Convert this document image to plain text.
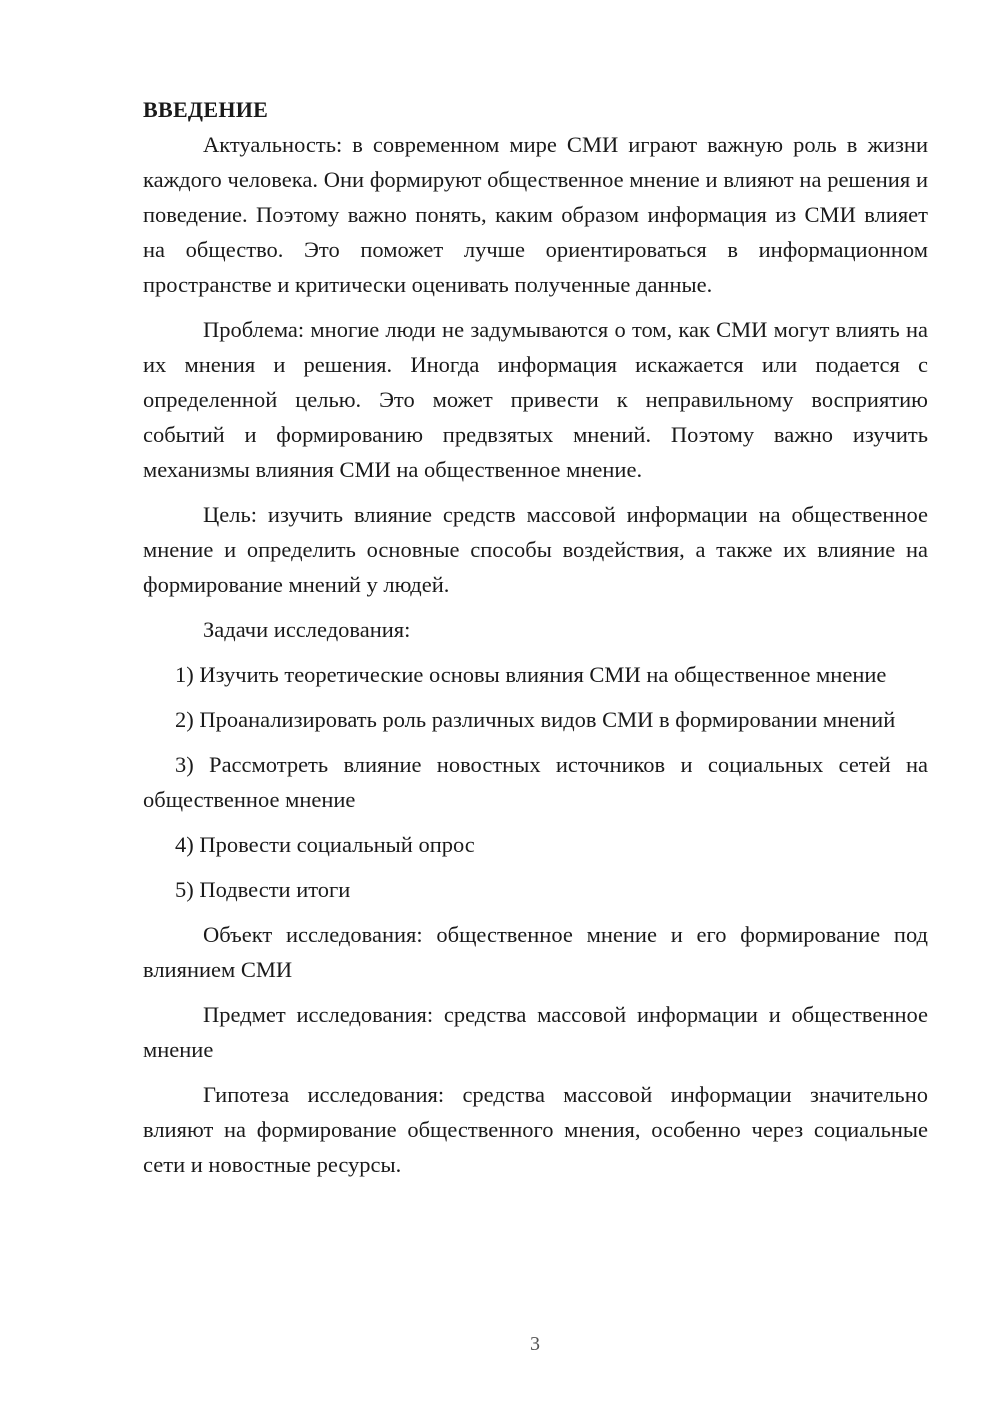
ВВЕДЕНИЕ

Актуальность: в современном мире СМИ играют важную роль в жизни каждого человека. Они формируют общественное мнение и влияют на решения и поведение. Поэтому важно понять, каким образом информация из СМИ влияет на общество. Это поможет лучше ориентироваться в информационном пространстве и критически оценивать полученные данные.

Проблема: многие люди не задумываются о том, как СМИ могут влиять на их мнения и решения. Иногда информация искажается или подается с определенной целью. Это может привести к неправильному восприятию событий и формированию предвзятых мнений. Поэтому важно изучить механизмы влияния СМИ на общественное мнение.

Цель: изучить влияние средств массовой информации на общественное мнение и определить основные способы воздействия, а также их влияние на формирование мнений у людей.

Задачи исследования:

1) Изучить теоретические основы влияния СМИ на общественное мнение

2) Проанализировать роль различных видов СМИ в формировании мнений

3) Рассмотреть влияние новостных источников и социальных сетей на общественное мнение

4) Провести социальный опрос

5) Подвести итоги

Объект исследования: общественное мнение и его формирование под влиянием СМИ

Предмет исследования: средства массовой информации и общественное мнение

Гипотеза исследования: средства массовой информации значительно влияют на формирование общественного мнения, особенно через социальные сети и новостные ресурсы.

3
